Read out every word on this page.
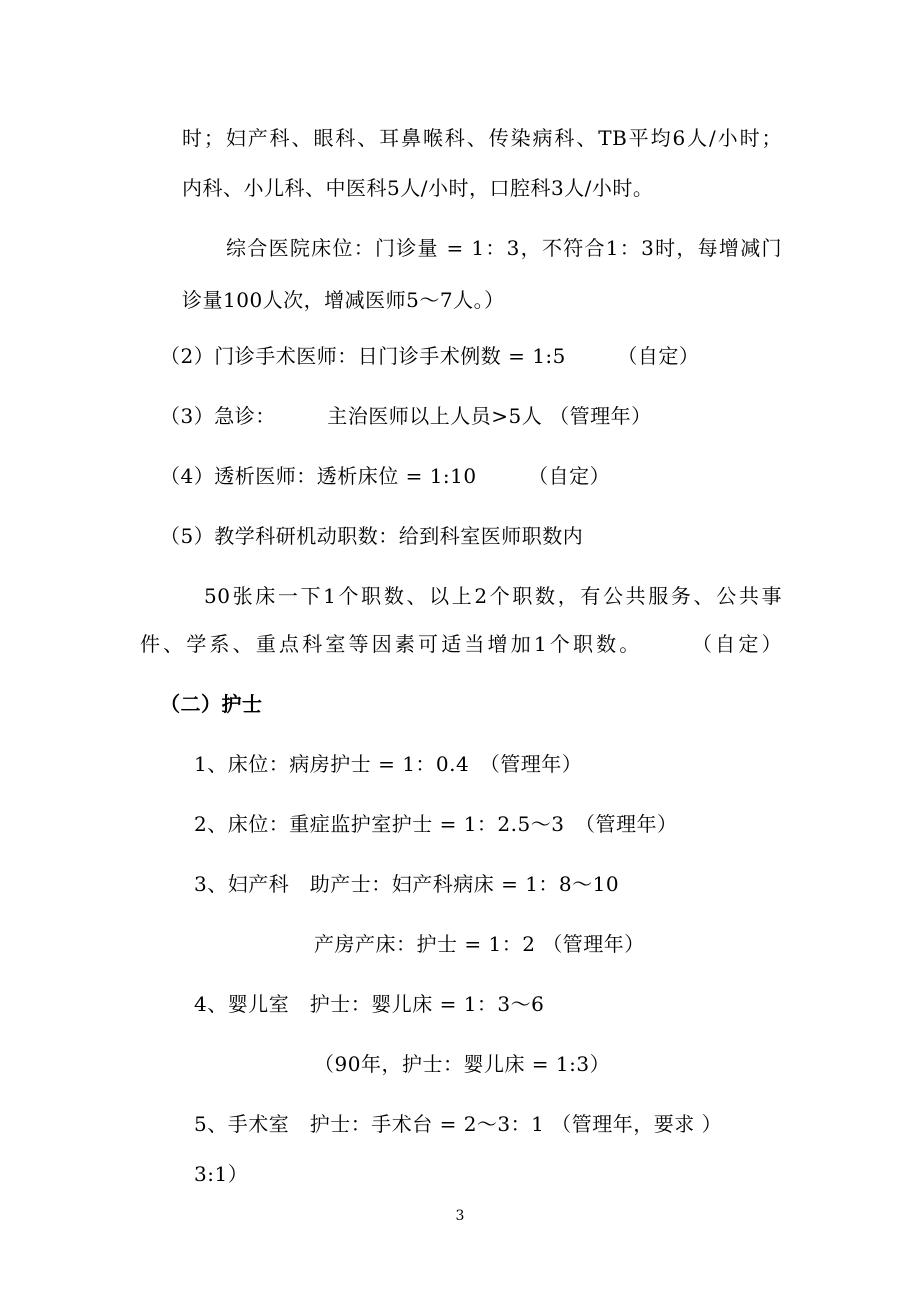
时；妇产科、眼科、耳鼻喉科、传染病科、TB平均6人/小时；
内科、小儿科、中医科5人/小时，口腔科3人/小时。
综合医院床位：门诊量 = 1：3，不符合1：3时，每增减门
诊量100人次，增减医师5～7人。）
（2）门诊手术医师：日门诊手术例数 = 1:5　　　（自定）
（3）急诊：　　　主治医师以上人员>5人 （管理年）
（4）透析医师：透析床位 = 1:10　　　（自定）
（5）教学科研机动职数：给到科室医师职数内
50张床一下1个职数、以上2个职数，有公共服务、公共事
件、学系、重点科室等因素可适当增加1个职数。　　　（自定）
（二）护士
1、床位：病房护士 = 1：0.4　（管理年）
2、床位：重症监护室护士 = 1：2.5～3　（管理年）
3、妇产科　助产士：妇产科病床 = 1：8～10
产房产床：护士 = 1：2 （管理年）
4、婴儿室　护士：婴儿床 = 1：3～6
（90年，护士：婴儿床 = 1:3）
5、手术室　护士：手术台 = 2～3：1 （管理年，要求 ）
3:1）
3
